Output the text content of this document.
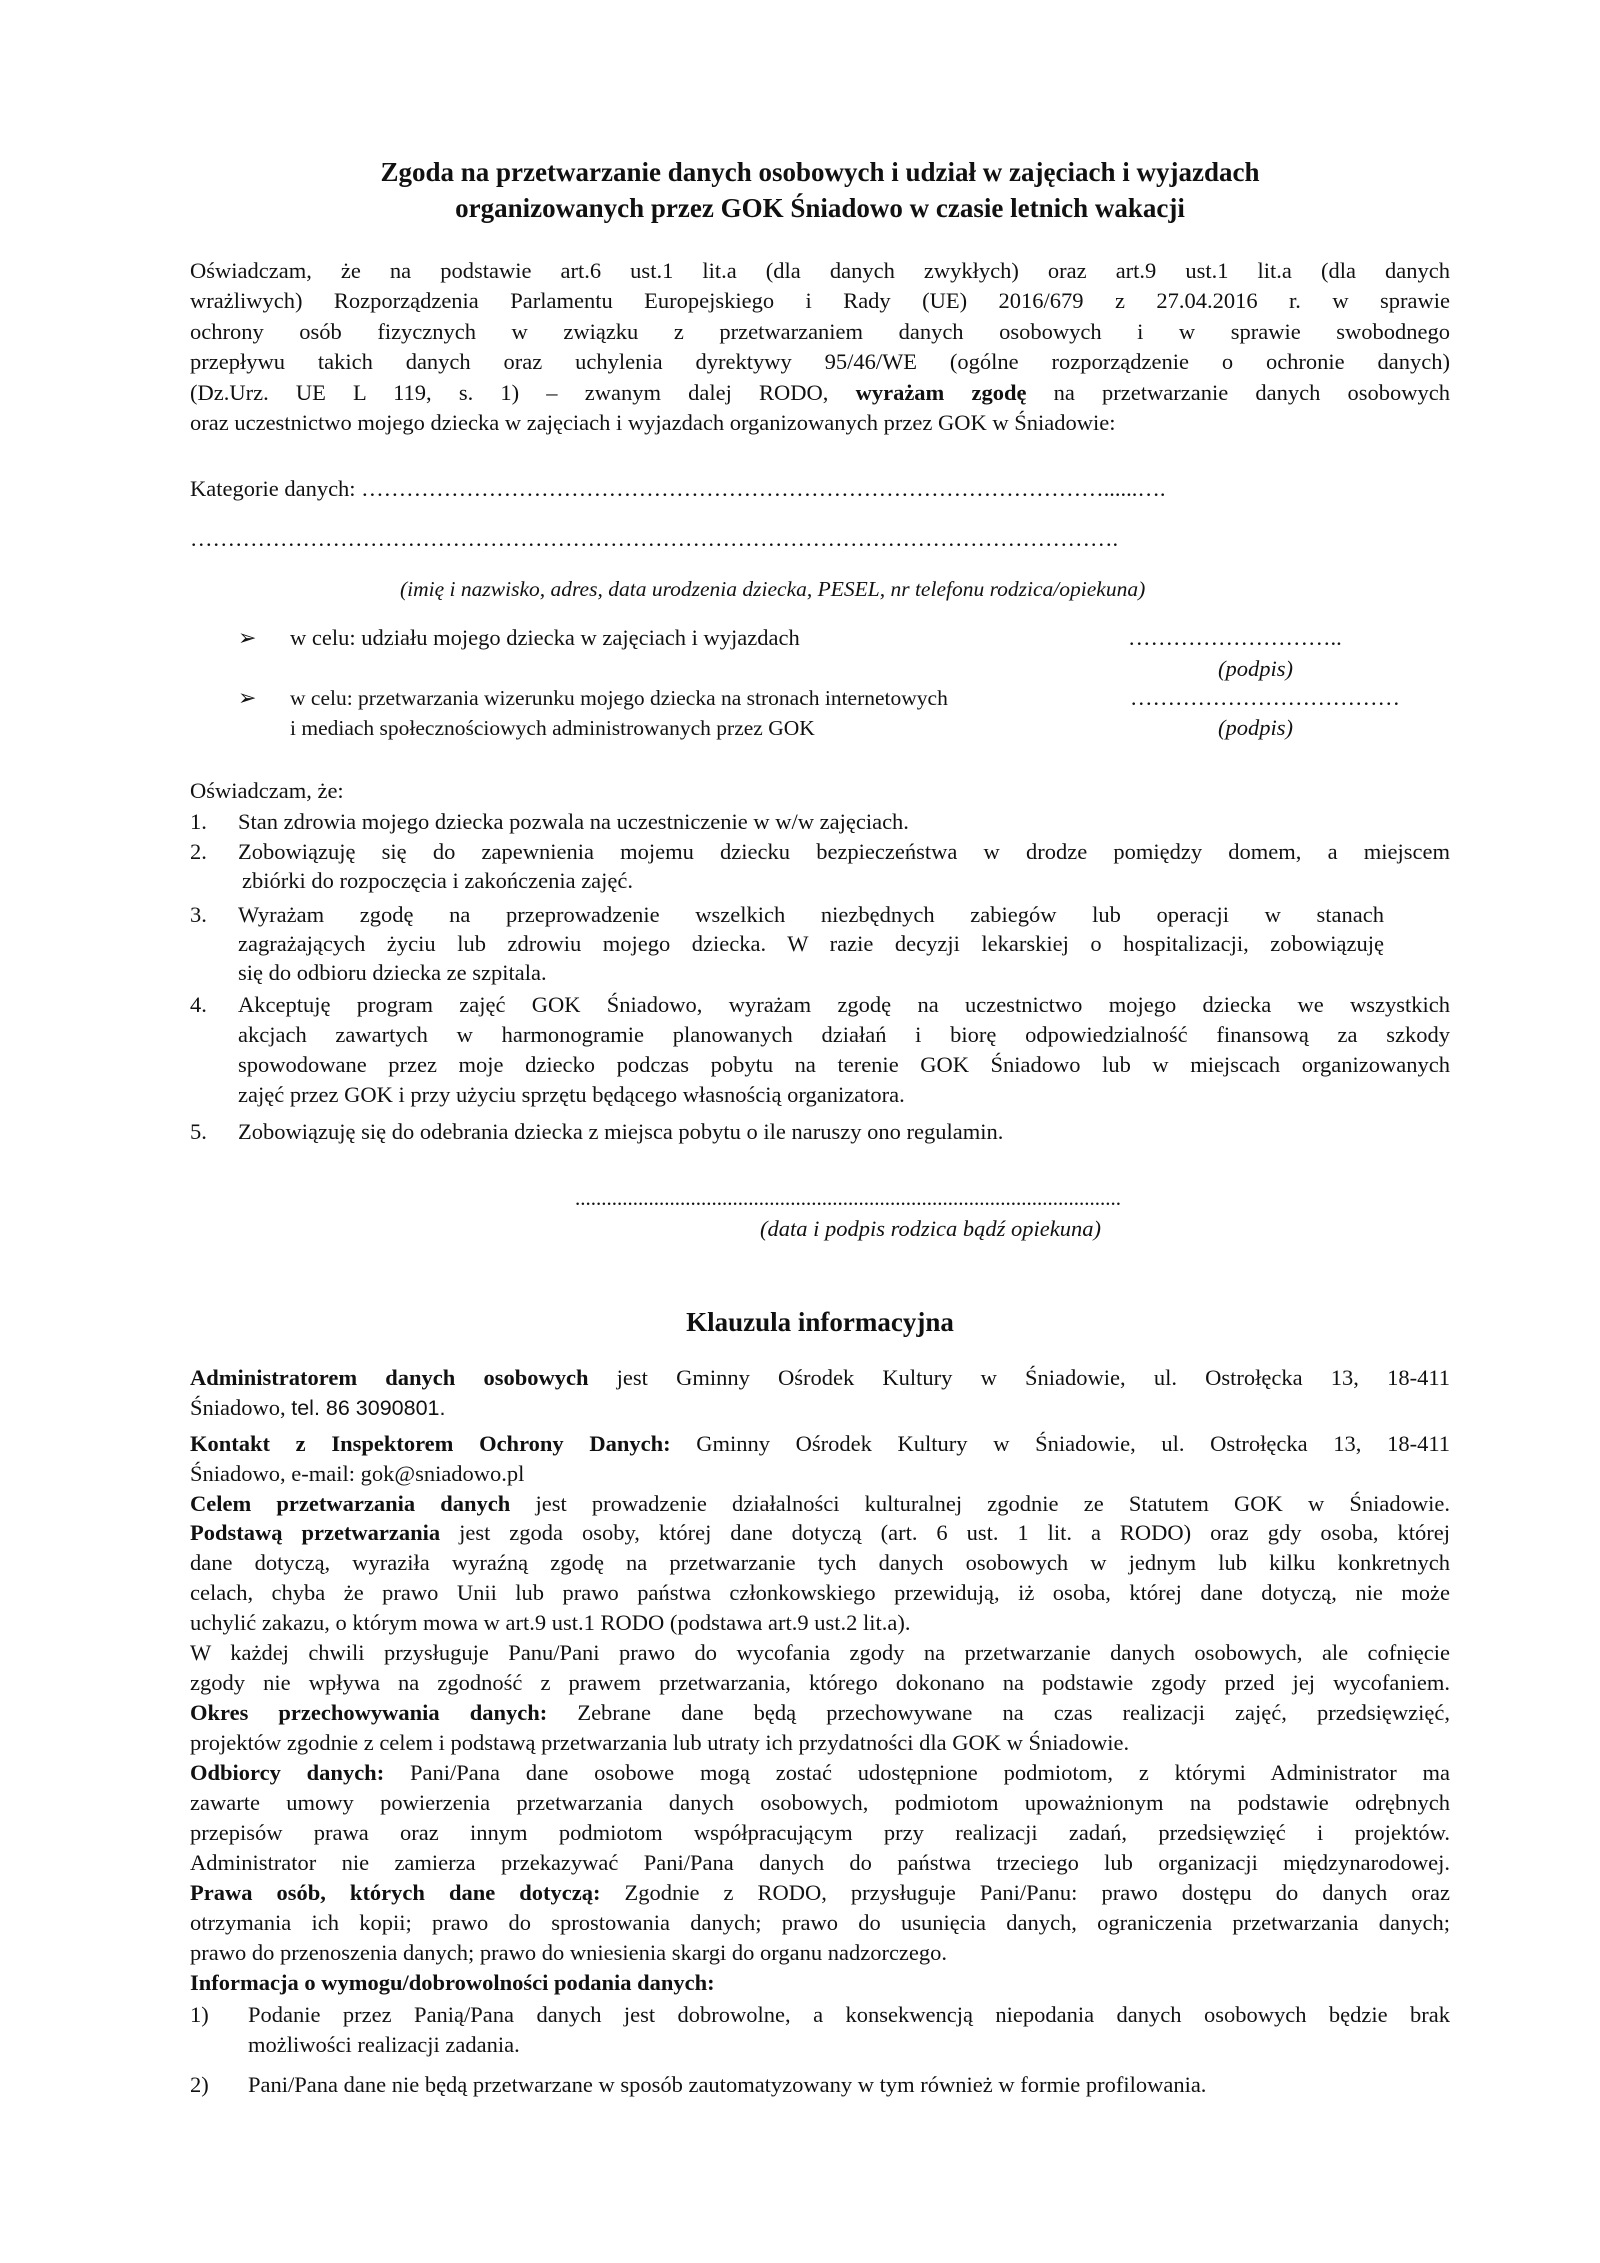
Zgoda na przetwarzanie danych osobowych i udział w zajęciach i wyjazdach
organizowanych przez GOK Śniadowo w czasie letnich wakacji
Oświadczam, że na podstawie art.6 ust.1 lit.a (dla danych zwykłych) oraz art.9 ust.1 lit.a (dla danych
wrażliwych) Rozporządzenia Parlamentu Europejskiego i Rady (UE) 2016/679 z 27.04.2016 r. w sprawie
ochrony osób fizycznych w związku z przetwarzaniem danych osobowych i w sprawie swobodnego
przepływu takich danych oraz uchylenia dyrektywy 95/46/WE (ogólne rozporządzenie o ochronie danych)
(Dz.Urz. UE L 119, s. 1) – zwanym dalej RODO, wyrażam zgodę na przetwarzanie danych osobowych
oraz uczestnictwo mojego dziecka w zajęciach i wyjazdach organizowanych przez GOK w Śniadowie:
Kategorie danych: ………………………………………………………………………………………......….
…………………………………………………………………………………………………………….
(imię i nazwisko, adres, data urodzenia dziecka, PESEL, nr telefonu rodzica/opiekuna)
➢ w celu: udziału mojego dziecka w zajęciach i wyjazdach	………………………..
(podpis)
➢ w celu: przetwarzania wizerunku mojego dziecka na stronach internetowych
i mediach społecznościowych administrowanych przez GOK
………………………………
(podpis)
Oświadczam, że:
1. Stan zdrowia mojego dziecka pozwala na uczestniczenie w w/w zajęciach.
2. Zobowiązuję się do zapewnienia mojemu dziecku bezpieczeństwa w drodze pomiędzy domem, a miejscem
zbiórki do rozpoczęcia i zakończenia zajęć.
3. Wyrażam zgodę na przeprowadzenie wszelkich niezbędnych zabiegów lub operacji w stanach
zagrażających życiu lub zdrowiu mojego dziecka. W razie decyzji lekarskiej o hospitalizacji, zobowiązuję
się do odbioru dziecka ze szpitala.
4. Akceptuję program zajęć GOK Śniadowo, wyrażam zgodę na uczestnictwo mojego dziecka we wszystkich
akcjach zawartych w harmonogramie planowanych działań i biorę odpowiedzialność finansową za szkody
spowodowane przez moje dziecko podczas pobytu na terenie GOK Śniadowo lub w miejscach organizowanych
zajęć przez GOK i przy użyciu sprzętu będącego własnością organizatora.
5. Zobowiązuję się do odebrania dziecka z miejsca pobytu o ile naruszy ono regulamin.
........................................................................................................
(data i podpis rodzica bądź opiekuna)
Klauzula informacyjna
Administratorem danych osobowych jest Gminny Ośrodek Kultury w Śniadowie, ul. Ostrołęcka 13, 18-411
Śniadowo, tel. 86 3090801.
Kontakt z Inspektorem Ochrony Danych: Gminny Ośrodek Kultury w Śniadowie, ul. Ostrołęcka 13, 18-411
Śniadowo, e-mail: gok@sniadowo.pl
Celem przetwarzania danych jest prowadzenie działalności kulturalnej zgodnie ze Statutem GOK w Śniadowie.
Podstawą przetwarzania jest zgoda osoby, której dane dotyczą (art. 6 ust. 1 lit. a RODO) oraz gdy osoba, której
dane dotyczą, wyraziła wyraźną zgodę na przetwarzanie tych danych osobowych w jednym lub kilku konkretnych
celach, chyba że prawo Unii lub prawo państwa członkowskiego przewidują, iż osoba, której dane dotyczą, nie może
uchylić zakazu, o którym mowa w art.9 ust.1 RODO (podstawa art.9 ust.2 lit.a).
W każdej chwili przysługuje Panu/Pani prawo do wycofania zgody na przetwarzanie danych osobowych, ale cofnięcie
zgody nie wpływa na zgodność z prawem przetwarzania, którego dokonano na podstawie zgody przed jej wycofaniem.
Okres przechowywania danych: Zebrane dane będą przechowywane na czas realizacji zajęć, przedsięwzięć,
projektów zgodnie z celem i podstawą przetwarzania lub utraty ich przydatności dla GOK w Śniadowie.
Odbiorcy danych: Pani/Pana dane osobowe mogą zostać udostępnione podmiotom, z którymi Administrator ma
zawarte umowy powierzenia przetwarzania danych osobowych, podmiotom upoważnionym na podstawie odrębnych
przepisów prawa oraz innym podmiotom współpracującym przy realizacji zadań, przedsięwzięć i projektów.
Administrator nie zamierza przekazywać Pani/Pana danych do państwa trzeciego lub organizacji międzynarodowej.
Prawa osób, których dane dotyczą: Zgodnie z RODO, przysługuje Pani/Panu: prawo dostępu do danych oraz
otrzymania ich kopii; prawo do sprostowania danych; prawo do usunięcia danych, ograniczenia przetwarzania danych;
prawo do przenoszenia danych; prawo do wniesienia skargi do organu nadzorczego.
Informacja o wymogu/dobrowolności podania danych:
1) Podanie przez Panią/Pana danych jest dobrowolne, a konsekwencją niepodania danych osobowych będzie brak
możliwości realizacji zadania.
2) Pani/Pana dane nie będą przetwarzane w sposób zautomatyzowany w tym również w formie profilowania.
